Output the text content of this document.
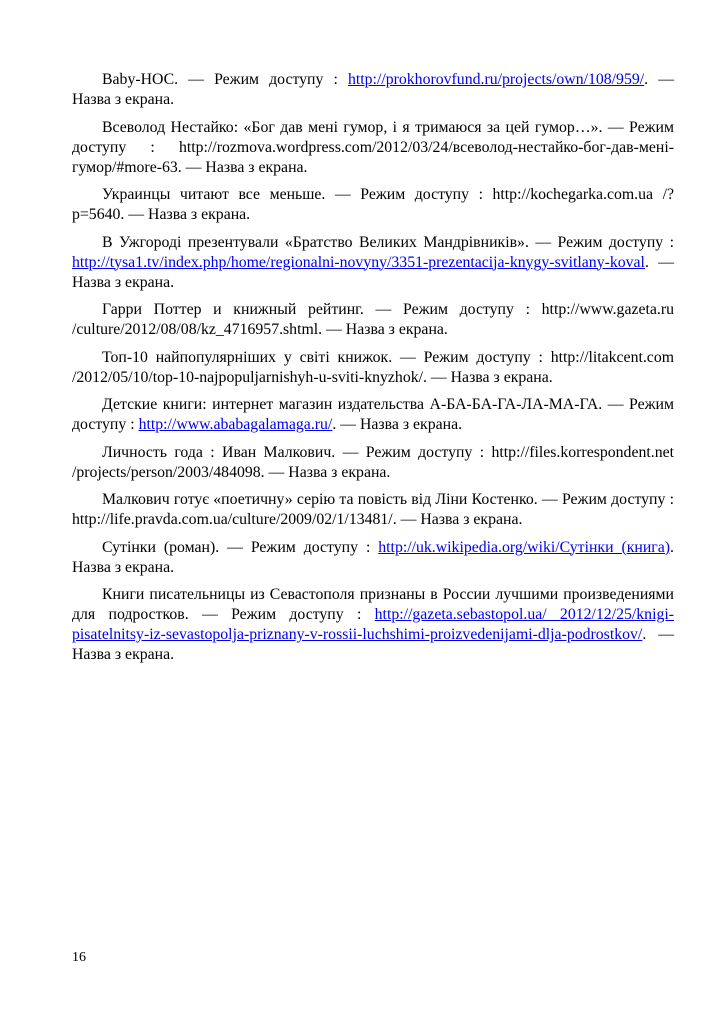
Baby-НОС. — Режим доступу : http://prokhorovfund.ru/projects/own/108/959/. — Назва з екрана.

Всеволод Нестайко: «Бог дав мені гумор, і я тримаюся за цей гумор…». — Режим доступу : http://rozmova.wordpress.com/2012/03/24/всеволод-нестайко-бог-дав-мені-гумор/#more-63. — Назва з екрана.

Украинцы читают все меньше. — Режим доступу : http://kochegarka.com.ua /?p=5640. — Назва з екрана.

В Ужгороді презентували «Братство Великих Мандрівників». — Режим доступу : http://tysa1.tv/index.php/home/regionalni-novyny/3351-prezentacija-knygy-svitlany-koval. — Назва з екрана.

Гарри Поттер и книжный рейтинг. — Режим доступу : http://www.gazeta.ru /culture/2012/08/08/kz_4716957.shtml. — Назва з екрана.

Топ-10 найпопулярніших у світі книжок. — Режим доступу : http://litakcent.com /2012/05/10/top-10-najpopuljarnishyh-u-sviti-knyzhok/. — Назва з екрана.

Детские книги: интернет магазин издательства А-БА-БА-ГА-ЛА-МА-ГА. — Режим доступу : http://www.ababagalamaga.ru/. — Назва з екрана.

Личность года : Иван Малкович. — Режим доступу : http://files.korrespondent.net /projects/person/2003/484098. — Назва з екрана.

Малкович готує «поетичну» серію та повість від Ліни Костенко. — Режим доступу : http://life.pravda.com.ua/culture/2009/02/1/13481/. — Назва з екрана.

Сутінки (роман). — Режим доступу : http://uk.wikipedia.org/wiki/Сутінки_(книга). Назва з екрана.

Книги писательницы из Севастополя признаны в России лучшими произведениями для подростков. — Режим доступу : http://gazeta.sebastopol.ua/ 2012/12/25/knigi-pisatelnitsy-iz-sevastopolja-priznany-v-rossii-luchshimi-proizvedenijami-dlja-podrostkov/. — Назва з екрана.

16
